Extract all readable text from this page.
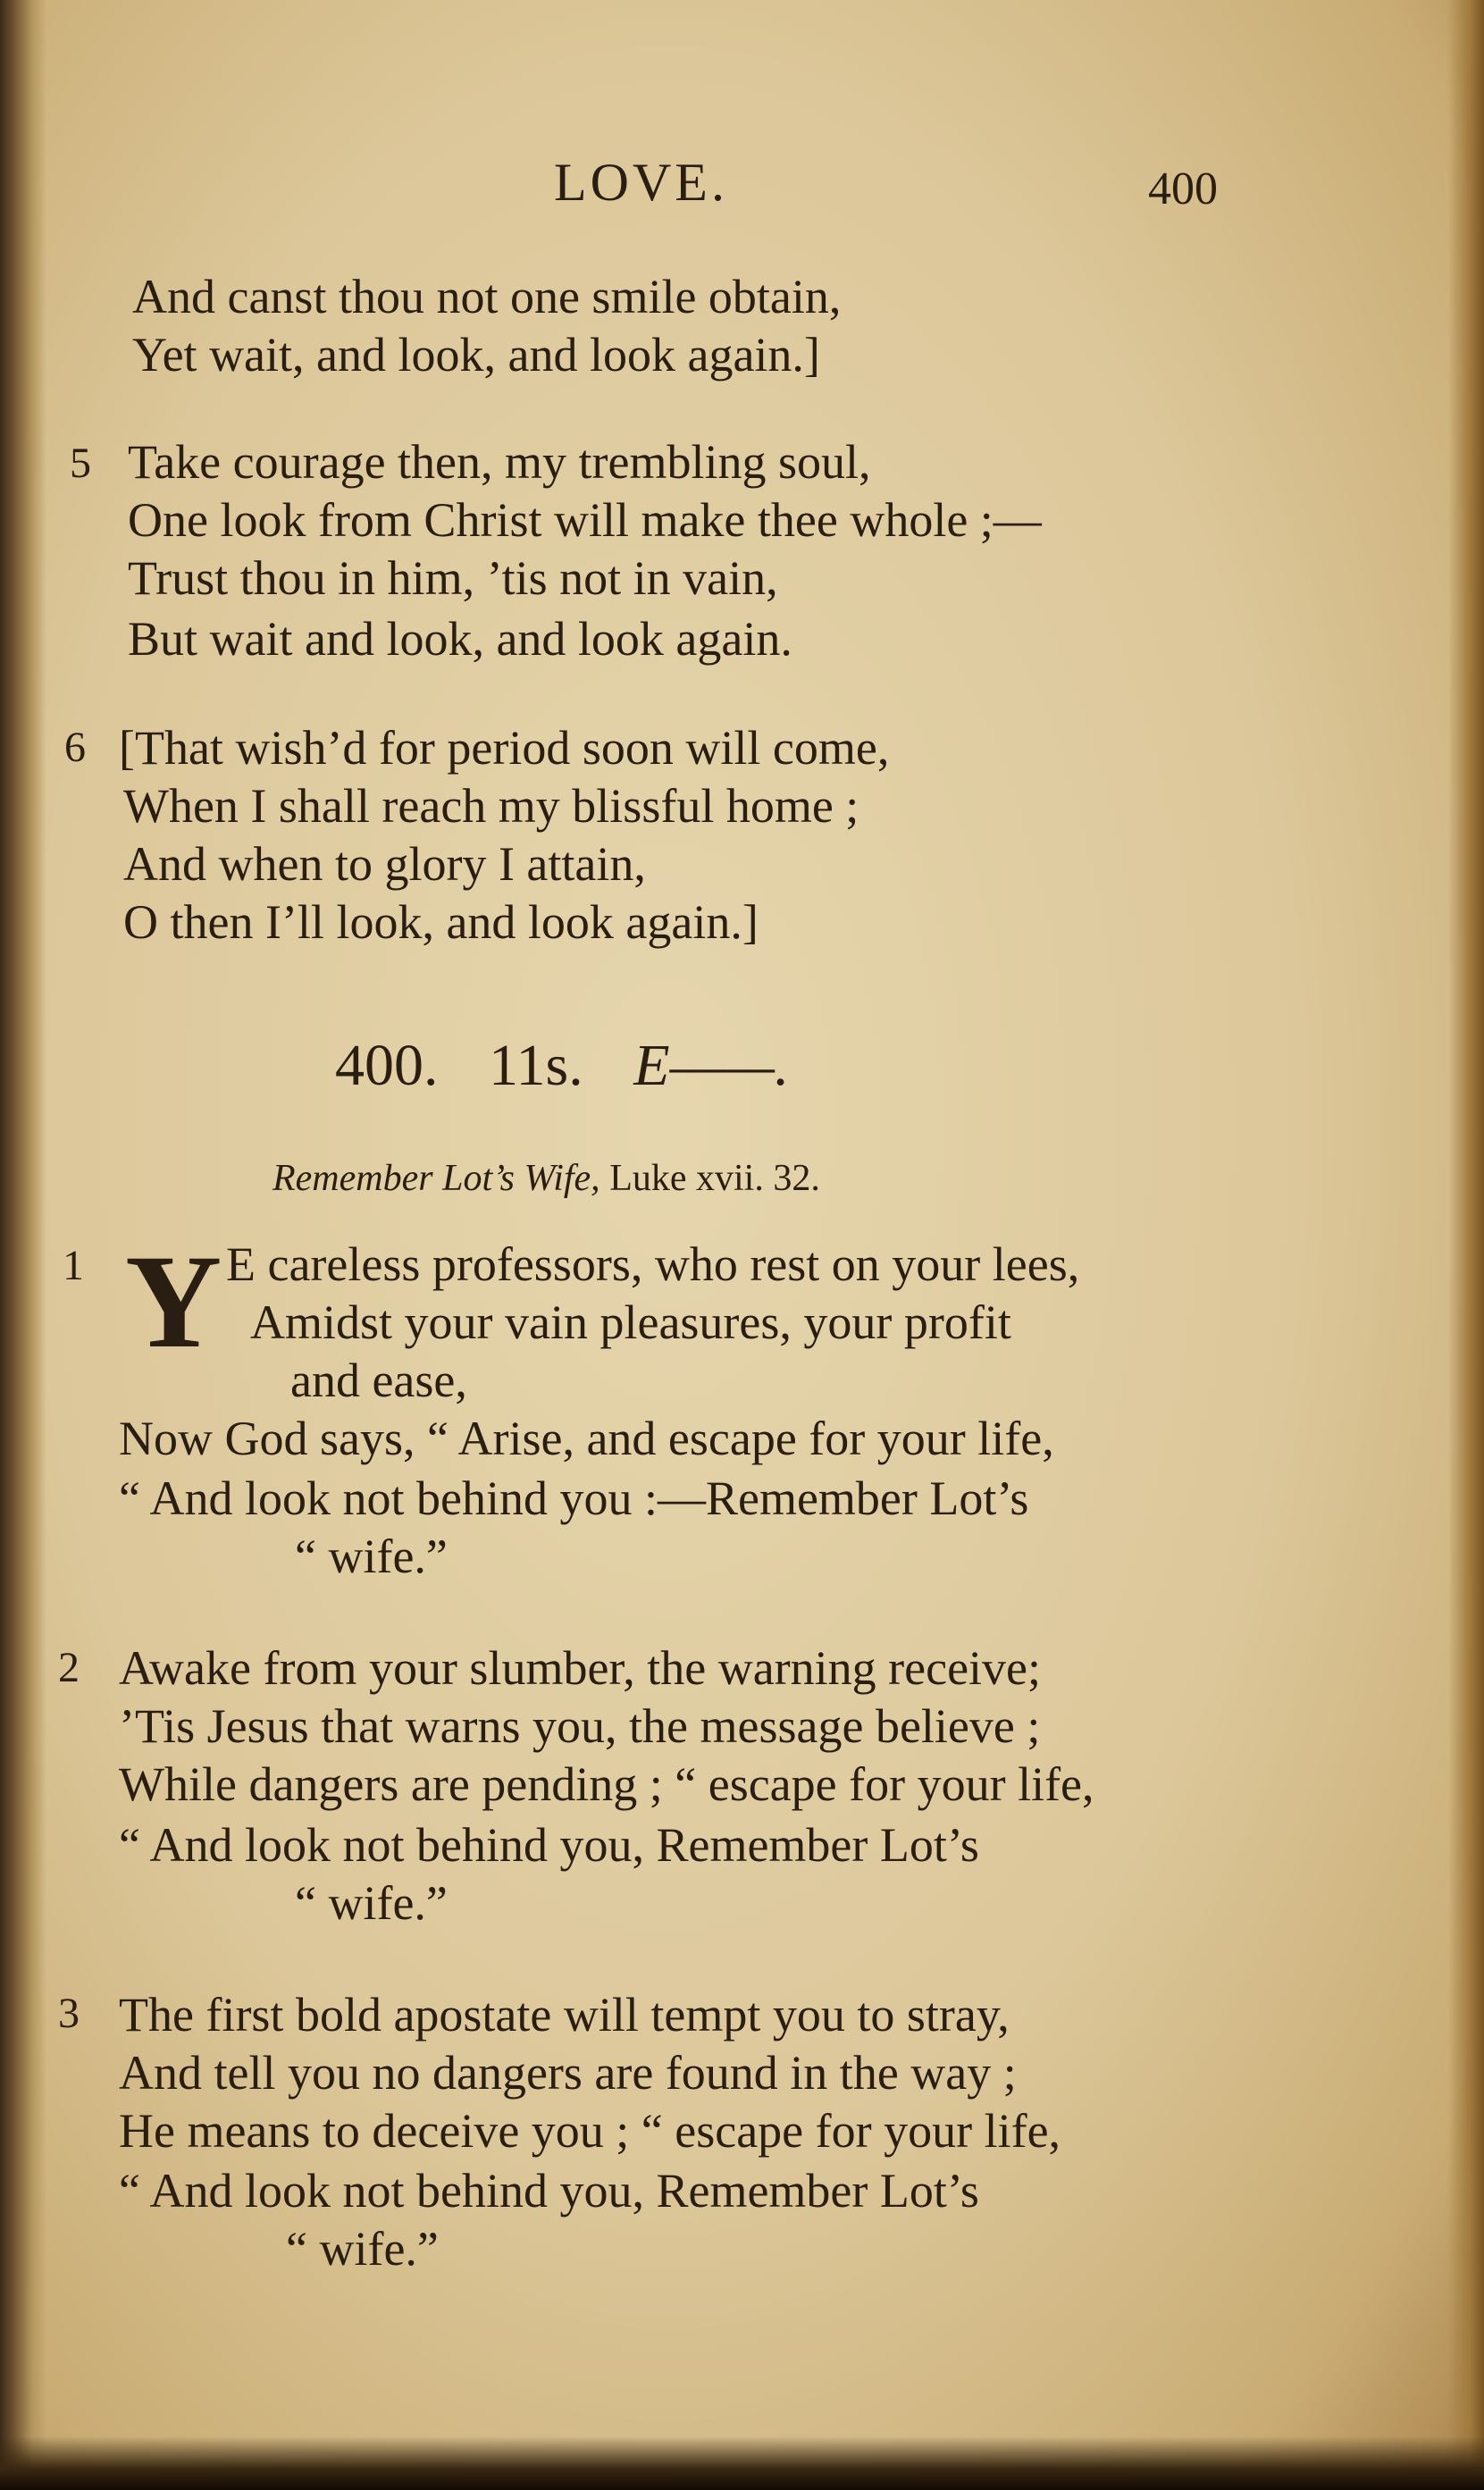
LOVE.	400
And canst thou not one smile obtain,
Yet wait, and look, and look again.]
5 Take courage then, my trembling soul,
One look from Christ will make thee whole ;—
Trust thou in him, ’tis not in vain,
But wait and look, and look again.
6 [That wish’d for period soon will come,
When I shall reach my blissful home ;
And when to glory I attain,
O then I’ll look, and look again.]
400. 11s. E——.
Remember Lot’s Wife, Luke xvii. 32.
1 Y E careless professors, who rest on your lees,
Amidst your vain pleasures, your profit
and ease,
Now God says, “ Arise, and escape for your life,
“ And look not behind you :—Remember Lot’s
“ wife.”
2 Awake from your slumber, the warning receive;
’Tis Jesus that warns you, the message believe ;
While dangers are pending ; “ escape for your life,
“ And look not behind you, Remember Lot’s
“ wife.”
3 The first bold apostate will tempt you to stray,
And tell you no dangers are found in the way ;
He means to deceive you ; “ escape for your life,
“ And look not behind you, Remember Lot’s
“ wife.”
